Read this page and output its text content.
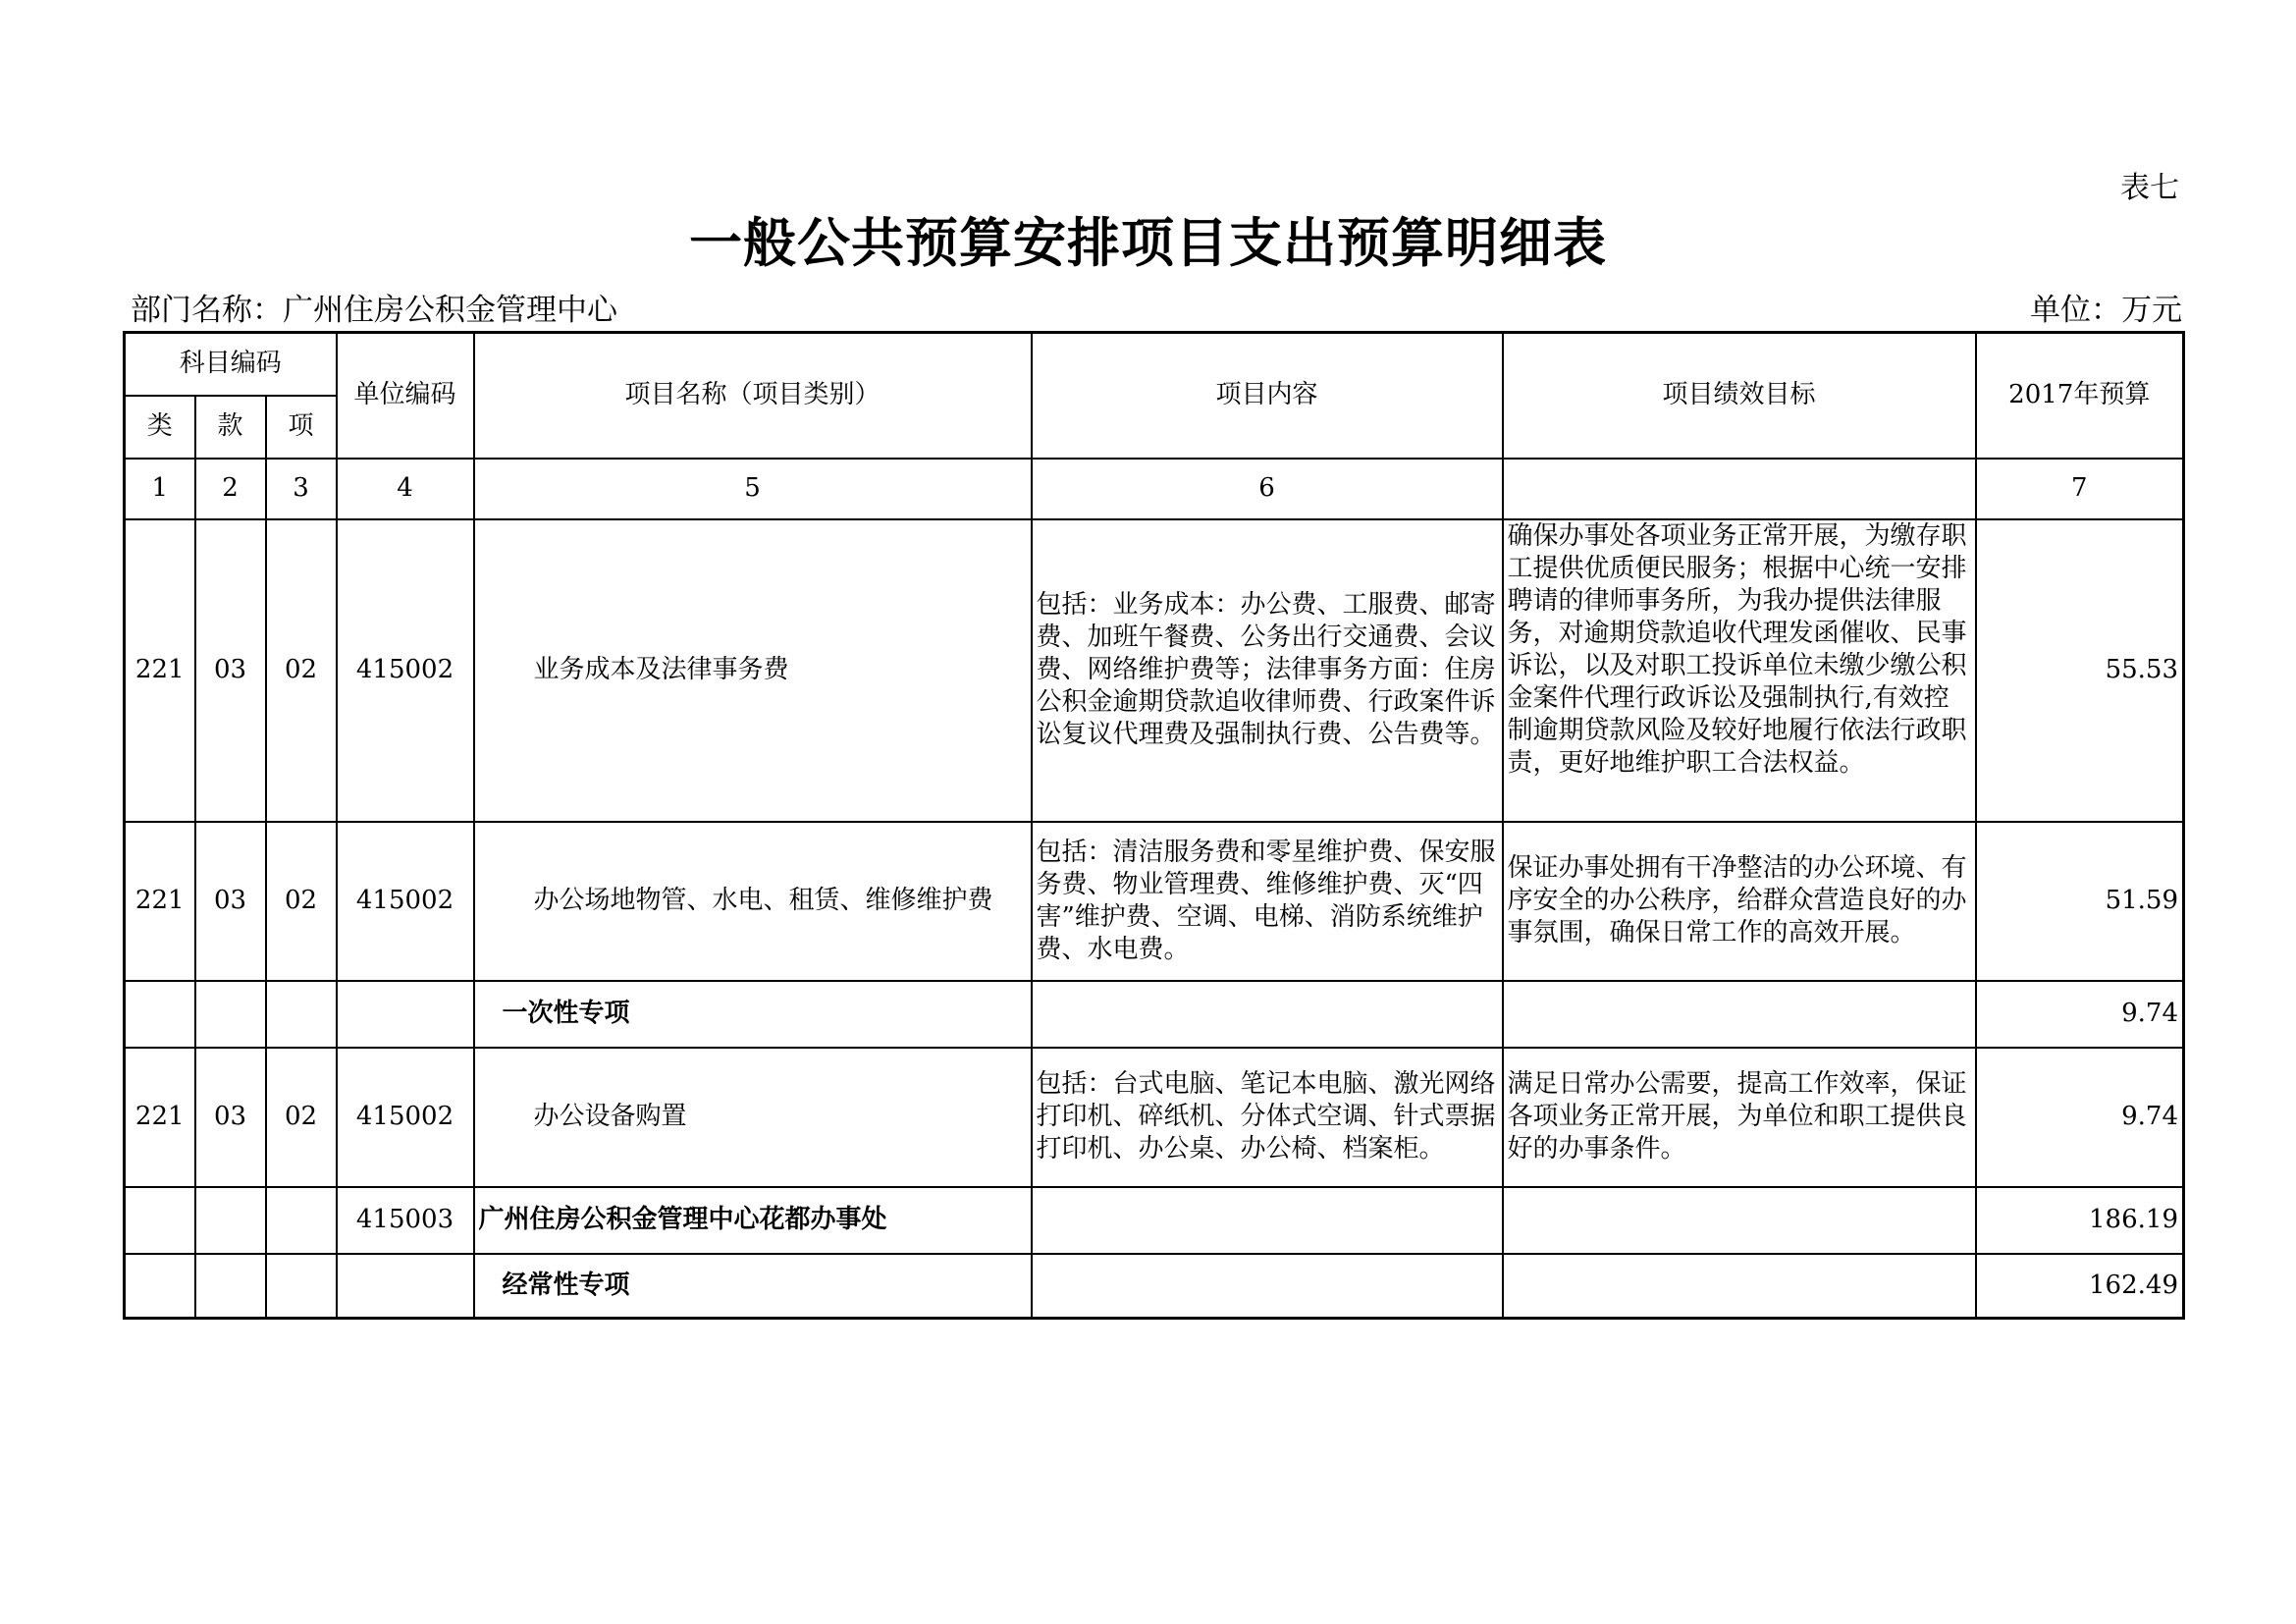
表七
一般公共预算安排项目支出预算明细表
部门名称：广州住房公积金管理中心	单位：万元
科目编码			单位编码	项目名称（项目类别）	项目内容	项目绩效目标	2017年预算
类	款	项					
1	2	3	4	5	6		7
221	03	02	415002	业务成本及法律事务费	包括：业务成本：办公费、工服费、邮寄费、加班午餐费、公务出行交通费、会议费、网络维护费等；法律事务方面：住房公积金逾期贷款追收律师费、行政案件诉讼复议代理费及强制执行费、公告费等。	确保办事处各项业务正常开展，为缴存职工提供优质便民服务；根据中心统一安排聘请的律师事务所，为我办提供法律服务，对逾期贷款追收代理发函催收、民事诉讼，以及对职工投诉单位未缴少缴公积金案件代理行政诉讼及强制执行,有效控制逾期贷款风险及较好地履行依法行政职责，更好地维护职工合法权益。	55.53
221	03	02	415002	办公场地物管、水电、租赁、维修维护费	包括：清洁服务费和零星维护费、保安服务费、物业管理费、维修维护费、灭“四害”维护费、空调、电梯、消防系统维护费、水电费。	保证办事处拥有干净整洁的办公环境、有序安全的办公秩序，给群众营造良好的办事氛围，确保日常工作的高效开展。	51.59
				一次性专项			9.74
221	03	02	415002	办公设备购置	包括：台式电脑、笔记本电脑、激光网络打印机、碎纸机、分体式空调、针式票据打印机、办公桌、办公椅、档案柜。	满足日常办公需要，提高工作效率，保证各项业务正常开展，为单位和职工提供良好的办事条件。	9.74
			415003	广州住房公积金管理中心花都办事处			186.19
				经常性专项			162.49
